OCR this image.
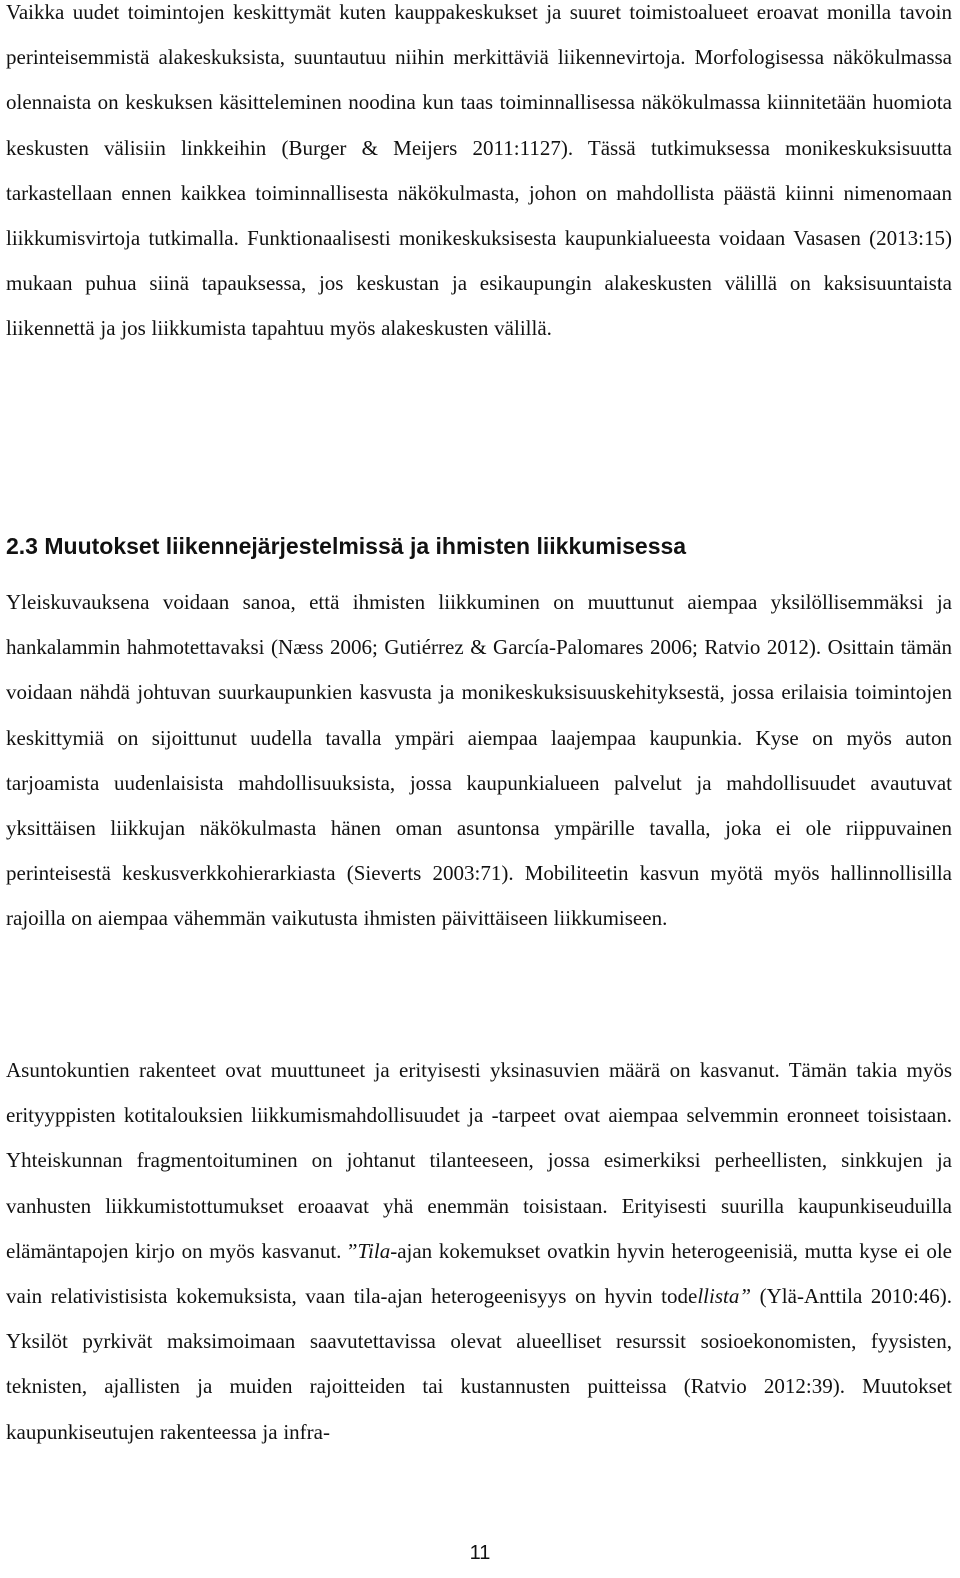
Vaikka uudet toimintojen keskittymät kuten kauppakeskukset ja suuret toimistoalueet eroavat monilla tavoin perinteisemmistä alakeskuksista, suuntautuu niihin merkittäviä liikennevirtoja. Morfologisessa näkökulmassa olennaista on keskuksen käsitteleminen noodina kun taas toiminnallisessa näkökulmassa kiinnitetään huomiota keskusten välisiin linkkeihin (Burger & Meijers 2011:1127). Tässä tutkimuksessa monikeskuksisuutta tarkastellaan ennen kaikkea toiminnallisesta näkökulmasta, johon on mahdollista päästä kiinni nimenomaan liikkumisvirtoja tutkimalla. Funktionaalisesti monikeskuksisesta kaupunkialueesta voidaan Vasasen (2013:15) mukaan puhua siinä tapauksessa, jos keskustan ja esikaupungin alakeskusten välillä on kaksisuuntaista liikennettä ja jos liikkumista tapahtuu myös alakeskusten välillä.

2.3 Muutokset liikennejärjestelmissä ja ihmisten liikkumisessa

Yleiskuvauksena voidaan sanoa, että ihmisten liikkuminen on muuttunut aiempaa yksilöllisemmäksi ja hankalammin hahmotettavaksi (Næss 2006; Gutiérrez & García-Palomares 2006; Ratvio 2012). Osittain tämän voidaan nähdä johtuvan suurkaupunkien kasvusta ja monikeskuksisuuskehityksestä, jossa erilaisia toimintojen keskittymiä on sijoittunut uudella tavalla ympäri aiempaa laajempaa kaupunkia. Kyse on myös auton tarjoamista uudenlaisista mahdollisuuksista, jossa kaupunkialueen palvelut ja mahdollisuudet avautuvat yksittäisen liikkujan näkökulmasta hänen oman asuntonsa ympärille tavalla, joka ei ole riippuvainen perinteisestä keskusverkkohierarkiasta (Sieverts 2003:71). Mobiliteetin kasvun myötä myös hallinnollisilla rajoilla on aiempaa vähemmän vaikutusta ihmisten päivittäiseen liikkumiseen.

Asuntokuntien rakenteet ovat muuttuneet ja erityisesti yksinasuvien määrä on kasvanut. Tämän takia myös erityyppisten kotitalouksien liikkumismahdollisuudet ja -tarpeet ovat aiempaa selvemmin eronneet toisistaan. Yhteiskunnan fragmentoituminen on johtanut tilanteeseen, jossa esimerkiksi perheellisten, sinkkujen ja vanhusten liikkumistottumukset eroaavat yhä enemmän toisistaan. Erityisesti suurilla kaupunkiseuduilla elämäntapojen kirjo on myös kasvanut. ”Tila-ajan kokemukset ovatkin hyvin heterogeenisiä, mutta kyse ei ole vain relativistisista kokemuksista, vaan tila-ajan heterogeenisyys on hyvin todellista” (Ylä-Anttila 2010:46). Yksilöt pyrkivät maksimoimaan saavutettavissa olevat alueelliset resurssit sosioekonomisten, fyysisten, teknisten, ajallisten ja muiden rajoitteiden tai kustannusten puitteissa (Ratvio 2012:39). Muutokset kaupunkiseutujen rakenteessa ja infra-

11
